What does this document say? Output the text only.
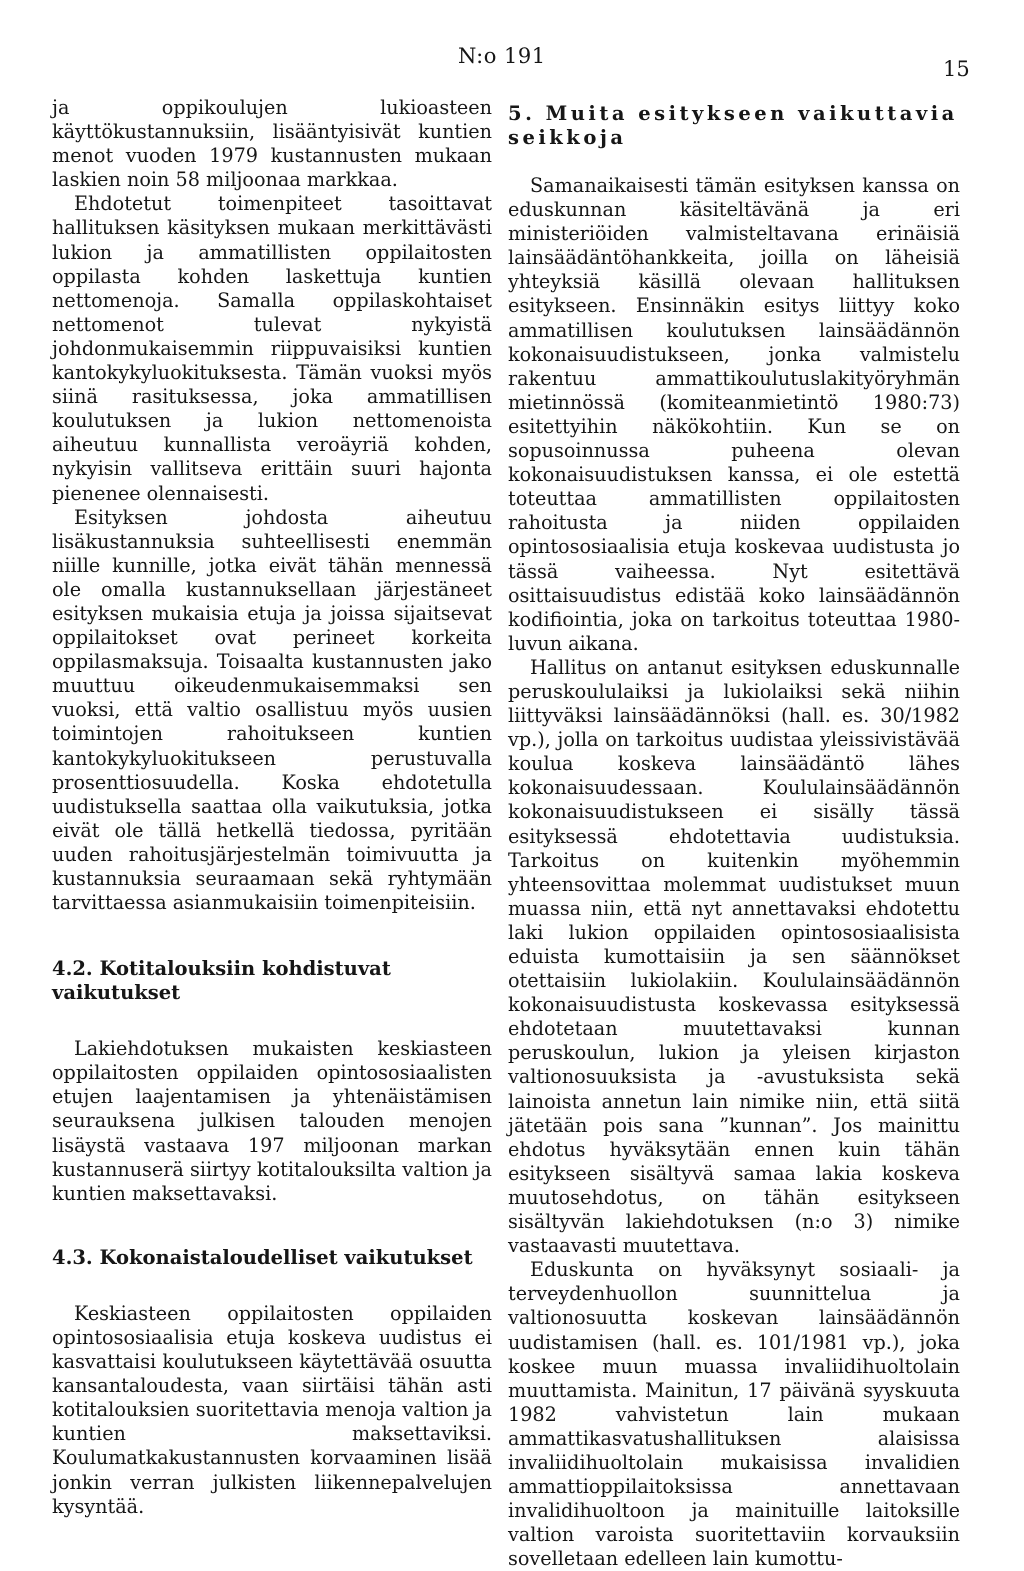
N:o 191
15

ja oppikoulujen lukioasteen käyttökustannuksiin, lisääntyisivät kuntien menot vuoden 1979 kustannusten mukaan laskien noin 58 miljoonaa markkaa.

Ehdotetut toimenpiteet tasoittavat hallituksen käsityksen mukaan merkittävästi lukion ja ammatillisten oppilaitosten oppilasta kohden laskettuja kuntien nettomenoja. Samalla oppilaskohtaiset nettomenot tulevat nykyistä johdonmukaisemmin riippuvaisiksi kuntien kantokykyluokituksesta. Tämän vuoksi myös siinä rasituksessa, joka ammatillisen koulutuksen ja lukion nettomenoista aiheutuu kunnallista veroäyriä kohden, nykyisin vallitseva erittäin suuri hajonta pienenee olennaisesti.

Esityksen johdosta aiheutuu lisäkustannuksia suhteellisesti enemmän niille kunnille, jotka eivät tähän mennessä ole omalla kustannuksellaan järjestäneet esityksen mukaisia etuja ja joissa sijaitsevat oppilaitokset ovat perineet korkeita oppilasmaksuja. Toisaalta kustannusten jako muuttuu oikeudenmukaisemmaksi sen vuoksi, että valtio osallistuu myös uusien toimintojen rahoitukseen kuntien kantokykyluokitukseen perustuvalla prosenttiosuudella. Koska ehdotetulla uudistuksella saattaa olla vaikutuksia, jotka eivät ole tällä hetkellä tiedossa, pyritään uuden rahoitusjärjestelmän toimivuutta ja kustannuksia seuraamaan sekä ryhtymään tarvittaessa asianmukaisiin toimenpiteisiin.

4.2. Kotitalouksiin kohdistuvat vaikutukset

Lakiehdotuksen mukaisten keskiasteen oppilaitosten oppilaiden opintososiaalisten etujen laajentamisen ja yhtenäistämisen seurauksena julkisen talouden menojen lisäystä vastaava 197 miljoonan markan kustannuserä siirtyy kotitalouksilta valtion ja kuntien maksettavaksi.

4.3. Kokonaistaloudelliset vaikutukset

Keskiasteen oppilaitosten oppilaiden opintososiaalisia etuja koskeva uudistus ei kasvattaisi koulutukseen käytettävää osuutta kansantaloudesta, vaan siirtäisi tähän asti kotitalouksien suoritettavia menoja valtion ja kuntien maksettaviksi. Koulumatkakustannusten korvaaminen lisää jonkin verran julkisten liikennepalvelujen kysyntää.

5. Muita esitykseen vaikuttavia seikkoja

Samanaikaisesti tämän esityksen kanssa on eduskunnan käsiteltävänä ja eri ministeriöiden valmisteltavana erinäisiä lainsäädäntöhankkeita, joilla on läheisiä yhteyksiä käsillä olevaan hallituksen esitykseen. Ensinnäkin esitys liittyy koko ammatillisen koulutuksen lainsäädännön kokonaisuudistukseen, jonka valmistelu rakentuu ammattikoulutuslakityöryhmän mietinnössä (komiteanmietintö 1980:73) esitettyihin näkökohtiin. Kun se on sopusoinnussa puheena olevan kokonaisuudistuksen kanssa, ei ole estettä toteuttaa ammatillisten oppilaitosten rahoitusta ja niiden oppilaiden opintososiaalisia etuja koskevaa uudistusta jo tässä vaiheessa. Nyt esitettävä osittaisuudistus edistää koko lainsäädännön kodifiointia, joka on tarkoitus toteuttaa 1980-luvun aikana.

Hallitus on antanut esityksen eduskunnalle peruskoululaiksi ja lukiolaiksi sekä niihin liittyväksi lainsäädännöksi (hall. es. 30/1982 vp.), jolla on tarkoitus uudistaa yleissivistävää koulua koskeva lainsäädäntö lähes kokonaisuudessaan. Koululainsäädännön kokonaisuudistukseen ei sisälly tässä esityksessä ehdotettavia uudistuksia. Tarkoitus on kuitenkin myöhemmin yhteensovittaa molemmat uudistukset muun muassa niin, että nyt annettavaksi ehdotettu laki lukion oppilaiden opintososiaalisista eduista kumottaisiin ja sen säännökset otettaisiin lukiolakiin. Koululainsäädännön kokonaisuudistusta koskevassa esityksessä ehdotetaan muutettavaksi kunnan peruskoulun, lukion ja yleisen kirjaston valtionosuuksista ja -avustuksista sekä lainoista annetun lain nimike niin, että siitä jätetään pois sana ”kunnan”. Jos mainittu ehdotus hyväksytään ennen kuin tähän esitykseen sisältyvä samaa lakia koskeva muutosehdotus, on tähän esitykseen sisältyvän lakiehdotuksen (n:o 3) nimike vastaavasti muutettava.

Eduskunta on hyväksynyt sosiaali- ja terveydenhuollon suunnittelua ja valtionosuutta koskevan lainsäädännön uudistamisen (hall. es. 101/1981 vp.), joka koskee muun muassa invaliidihuoltolain muuttamista. Mainitun, 17 päivänä syyskuuta 1982 vahvistetun lain mukaan ammattikasvatushallituksen alaisissa invaliidihuoltolain mukaisissa invalidien ammattioppilaitoksissa annettavaan invalidihuoltoon ja mainituille laitoksille valtion varoista suoritettaviin korvauksiin sovelletaan edelleen lain kumottu-
